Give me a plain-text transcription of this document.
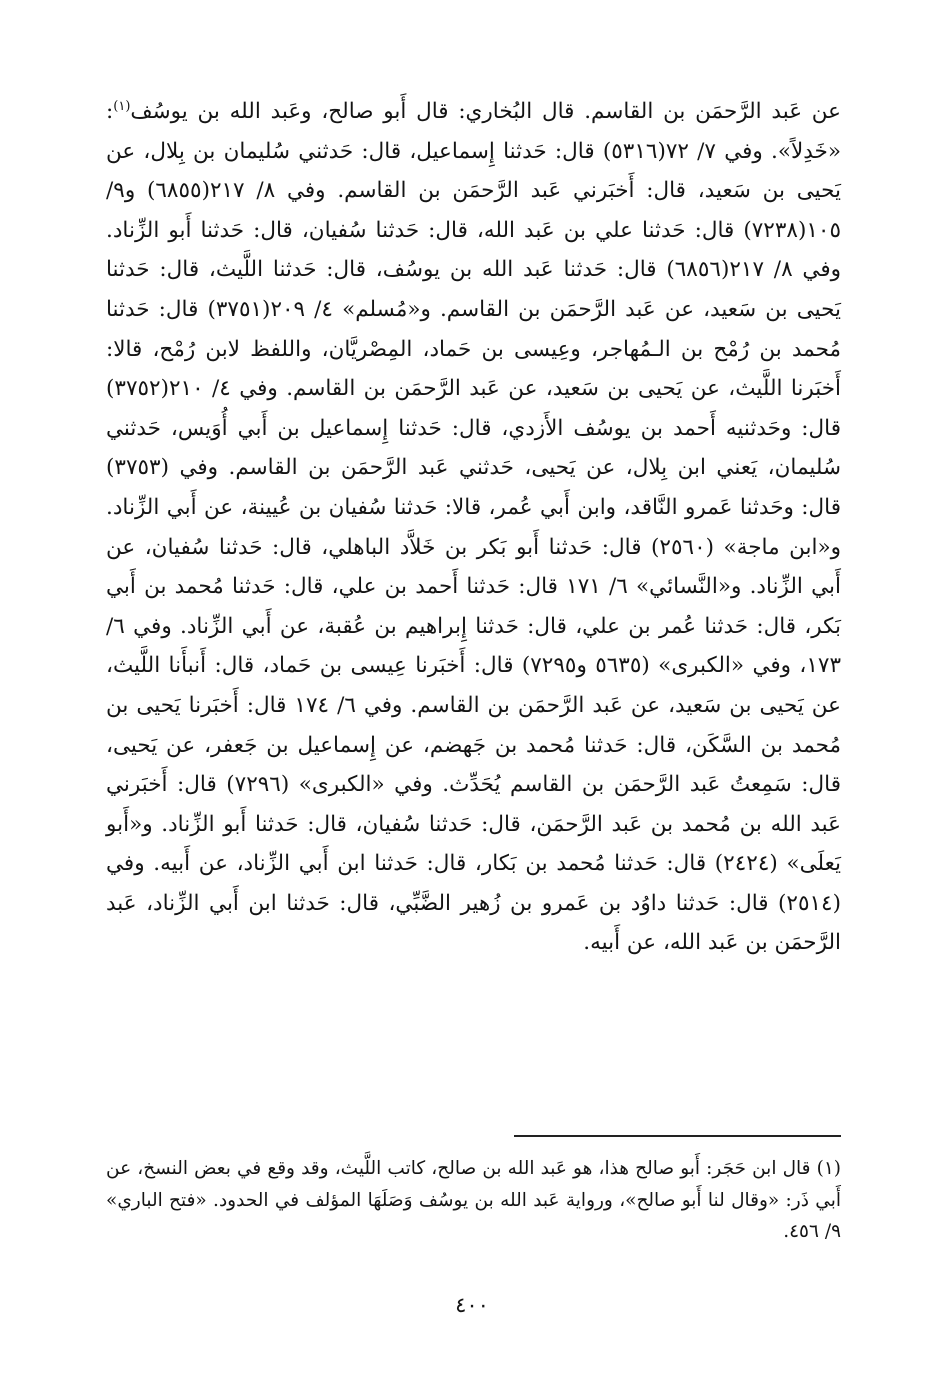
عن عَبد الرَّحمَن بن القاسم. قال البُخاري: قال أَبو صالح، وعَبد الله بن يوسُف$^{(١)}$: «خَدِلاً». وفي ٧/ ٧٢(٥٣١٦) قال: حَدثنا إِسماعيل، قال: حَدثني سُليمان بن بِلال، عن يَحيى بن سَعيد، قال: أَخبَرني عَبد الرَّحمَن بن القاسم. وفي ٨/ ٢١٧(٦٨٥٥) و٩/ ١٠٥(٧٢٣٨) قال: حَدثنا علي بن عَبد الله، قال: حَدثنا سُفيان، قال: حَدثنا أَبو الزِّناد. وفي ٨/ ٢١٧(٦٨٥٦) قال: حَدثنا عَبد الله بن يوسُف، قال: حَدثنا اللَّيث، قال: حَدثنا يَحيى بن سَعيد، عن عَبد الرَّحمَن بن القاسم. و«مُسلم» ٤/ ٢٠٩(٣٧٥١) قال: حَدثنا مُحمد بن رُمْح بن الـمُهاجر، وعِيسى بن حَماد، المِصْريَّان، واللفظ لابن رُمْح، قالا: أَخبَرنا اللَّيث، عن يَحيى بن سَعيد، عن عَبد الرَّحمَن بن القاسم. وفي ٤/ ٢١٠(٣٧٥٢) قال: وحَدثنيه أَحمد بن يوسُف الأَزدي، قال: حَدثنا إِسماعيل بن أَبي أُوَيس، حَدثني سُليمان، يَعني ابن بِلال، عن يَحيى، حَدثني عَبد الرَّحمَن بن القاسم. وفي (٣٧٥٣) قال: وحَدثنا عَمرو النَّاقد، وابن أَبي عُمر، قالا: حَدثنا سُفيان بن عُيينة، عن أَبي الزِّناد. و«ابن ماجة» (٢٥٦٠) قال: حَدثنا أَبو بَكر بن خَلاَّد الباهلي، قال: حَدثنا سُفيان، عن أَبي الزِّناد. و«النَّسائي» ٦/ ١٧١ قال: حَدثنا أَحمد بن علي، قال: حَدثنا مُحمد بن أَبي بَكر، قال: حَدثنا عُمر بن علي، قال: حَدثنا إِبراهيم بن عُقبة، عن أَبي الزِّناد. وفي ٦/ ١٧٣، وفي «الكبرى» (٥٦٣٥ و٧٢٩٥) قال: أَخبَرنا عِيسى بن حَماد، قال: أَنبأَنا اللَّيث، عن يَحيى بن سَعيد، عن عَبد الرَّحمَن بن القاسم. وفي ٦/ ١٧٤ قال: أَخبَرنا يَحيى بن مُحمد بن السَّكَن، قال: حَدثنا مُحمد بن جَهضم، عن إِسماعيل بن جَعفر، عن يَحيى، قال: سَمِعتُ عَبد الرَّحمَن بن القاسم يُحَدِّث. وفي «الكبرى» (٧٢٩٦) قال: أَخبَرني عَبد الله بن مُحمد بن عَبد الرَّحمَن، قال: حَدثنا سُفيان، قال: حَدثنا أَبو الزِّناد. و«أَبو يَعلَى» (٢٤٢٤) قال: حَدثنا مُحمد بن بَكار، قال: حَدثنا ابن أَبي الزِّناد، عن أَبيه. وفي (٢٥١٤) قال: حَدثنا داوُد بن عَمرو بن زُهير الضَّبِّي، قال: حَدثنا ابن أَبي الزِّناد، عَبد الرَّحمَن بن عَبد الله، عن أَبيه.

(١) قال ابن حَجَر: أَبو صالح هذا، هو عَبد الله بن صالح، كاتب اللَّيث، وقد وقع في بعض النسخ، عن أَبي ذَر: «وقال لنا أَبو صالح»، ورواية عَبد الله بن يوسُف وَصَلَهَا المؤلف في الحدود. «فتح الباري» ٩/ ٤٥٦.

٤٠٠
